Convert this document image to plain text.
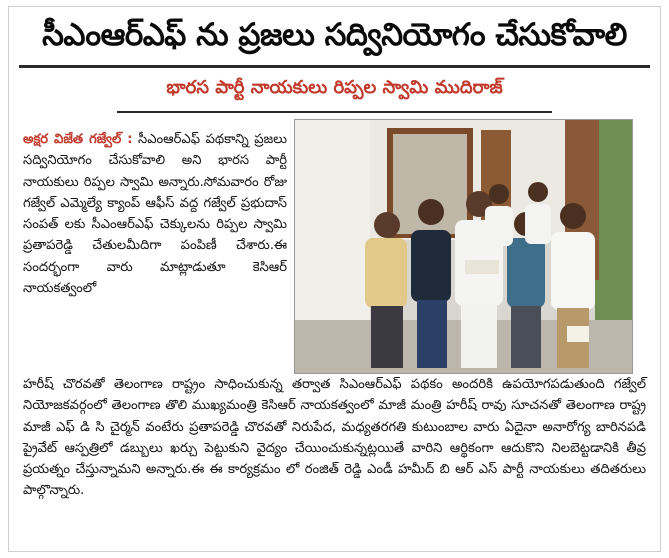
సీఎంఆర్ఎఫ్ ను ప్రజలు సద్వినియోగం చేసుకోవాలి
భారస పార్టీ నాయకులు రిప్పల స్వామి ముదిరాజ్

అక్షర విజేత గజ్వేల్ : సీఎంఆర్ఎఫ్ పథకాన్ని ప్రజలు సద్వినియోగం చేసుకోవాలి అని భారస పార్టీ నాయకులు రిప్పల స్వామి అన్నారు.సోమవారం రోజు గజ్వేల్ ఎమ్మెల్యే క్యాంప్ ఆఫీస్ వద్ద గజ్వేల్ ప్రభుదాస్ సంపత్ లకు సీఎంఆర్ఎఫ్ చెక్కులను రిప్పల స్వామి ప్రతాపరెడ్డి చేతులమీదిగా పంపిణీ చేశారు.ఈ సందర్భంగా వారు మాట్లాడుతూ కెసిఆర్ నాయకత్వంలో

హరీష్ చొరవతో తెలంగాణ రాష్ట్రం సాధించుకున్న తర్వాత సిఎంఆర్ఎఫ్ పథకం అందరికి ఉపయోగపడుతుంది గజ్వేల్ నియోజకవర్గంలో తెలంగాణ తొలి ముఖ్యమంత్రి కెసిఆర్ నాయకత్వంలో మాజీ మంత్రి హరీష్ రావు సూచనతో తెలంగాణ రాష్ట్ర మాజీ ఎఫ్ డి సి చైర్మన్ వంటేరు ప్రతాపరెడ్డి చొరవతో నిరుపేద, మధ్యతరగతి కుటుంబాల వారు ఏదైనా అనారోగ్య బారినపడి ప్రైవేట్ ఆస్పత్రిలో డబ్బులు ఖర్చు పెట్టుకుని వైద్యం చేయించుకున్నట్లయితే వారిని ఆర్థికంగా ఆదుకొని నిలబెట్టడానికి తీవ్ర ప్రయత్నం చేస్తున్నామని అన్నారు.ఈ ఈ కార్యక్రమం లో రంజిత్ రెడ్డి ఎండీ హమీద్ బి ఆర్ ఎస్ పార్టీ నాయకులు తదితరులు పాల్గొన్నారు.
